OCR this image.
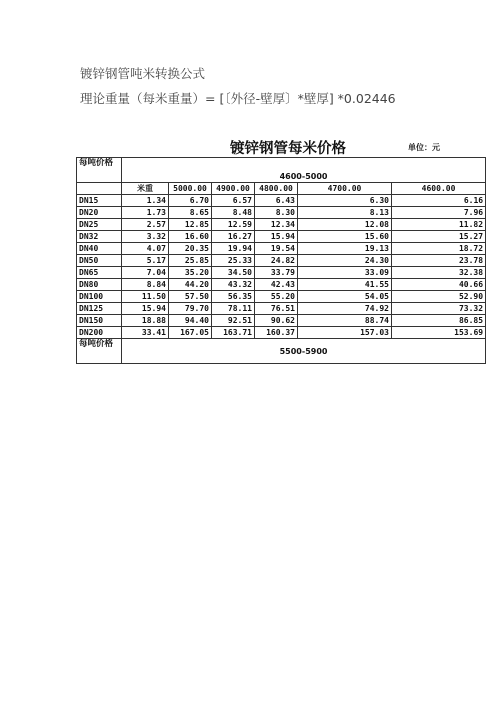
镀锌钢管吨米转换公式
理论重量（每米重量）= [〔外径-壁厚〕*壁厚] *0.02446
镀锌钢管每米价格	单位：元
每吨价格	4600-5000					
	米重	5000.00	4900.00	4800.00	4700.00	4600.00
DN15	1.34	6.70	6.57	6.43	6.30	6.16
DN20	1.73	8.65	8.48	8.30	8.13	7.96
DN25	2.57	12.85	12.59	12.34	12.08	11.82
DN32	3.32	16.60	16.27	15.94	15.60	15.27
DN40	4.07	20.35	19.94	19.54	19.13	18.72
DN50	5.17	25.85	25.33	24.82	24.30	23.78
DN65	7.04	35.20	34.50	33.79	33.09	32.38
DN80	8.84	44.20	43.32	42.43	41.55	40.66
DN100	11.50	57.50	56.35	55.20	54.05	52.90
DN125	15.94	79.70	78.11	76.51	74.92	73.32
DN150	18.88	94.40	92.51	90.62	88.74	86.85
DN200	33.41	167.05	163.71	160.37	157.03	153.69
每吨价格	5500-5900					
